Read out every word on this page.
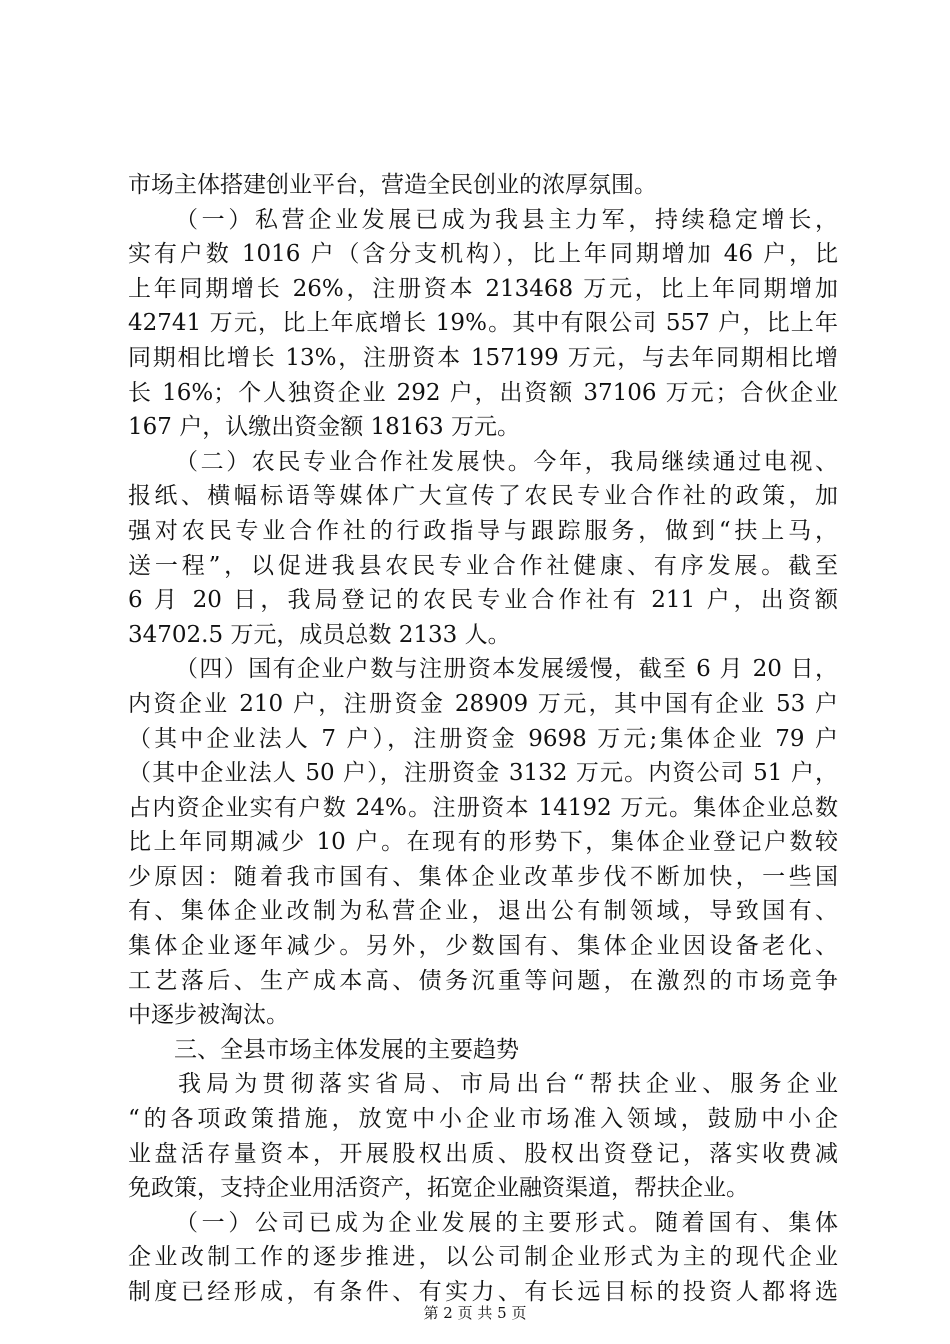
市场主体搭建创业平台，营造全民创业的浓厚氛围。
（一）私营企业发展已成为我县主力军，持续稳定增长，
实有户数 1016 户（含分支机构），比上年同期增加 46 户，比
上年同期增长 26%，注册资本 213468 万元，比上年同期增加
42741 万元，比上年底增长 19%。其中有限公司 557 户，比上年
同期相比增长 13%，注册资本 157199 万元，与去年同期相比增
长 16%；个人独资企业 292 户，出资额 37106 万元；合伙企业
167 户，认缴出资金额 18163 万元。
（二）农民专业合作社发展快。今年，我局继续通过电视、
报纸、横幅标语等媒体广大宣传了农民专业合作社的政策，加
强对农民专业合作社的行政指导与跟踪服务，做到“扶上马，
送一程”，以促进我县农民专业合作社健康、有序发展。截至
6 月 20 日，我局登记的农民专业合作社有 211 户，出资额
34702.5 万元，成员总数 2133 人。
（四）国有企业户数与注册资本发展缓慢，截至 6 月 20 日，
内资企业 210 户，注册资金 28909 万元，其中国有企业 53 户
（其中企业法人 7 户），注册资金 9698 万元;集体企业 79 户
（其中企业法人 50 户），注册资金 3132 万元。内资公司 51 户，
占内资企业实有户数 24%。注册资本 14192 万元。集体企业总数
比上年同期减少 10 户。在现有的形势下，集体企业登记户数较
少原因：随着我市国有、集体企业改革步伐不断加快，一些国
有、集体企业改制为私营企业，退出公有制领域，导致国有、
集体企业逐年减少。另外，少数国有、集体企业因设备老化、
工艺落后、生产成本高、债务沉重等问题，在激烈的市场竞争
中逐步被淘汰。
三、全县市场主体发展的主要趋势
我局为贯彻落实省局、市局出台“帮扶企业、服务企业
“的各项政策措施，放宽中小企业市场准入领域，鼓励中小企
业盘活存量资本，开展股权出质、股权出资登记，落实收费减
免政策，支持企业用活资产，拓宽企业融资渠道，帮扶企业。
（一）公司已成为企业发展的主要形式。随着国有、集体
企业改制工作的逐步推进，以公司制企业形式为主的现代企业
制度已经形成，有条件、有实力、有长远目标的投资人都将选
第 2 页 共 5 页
